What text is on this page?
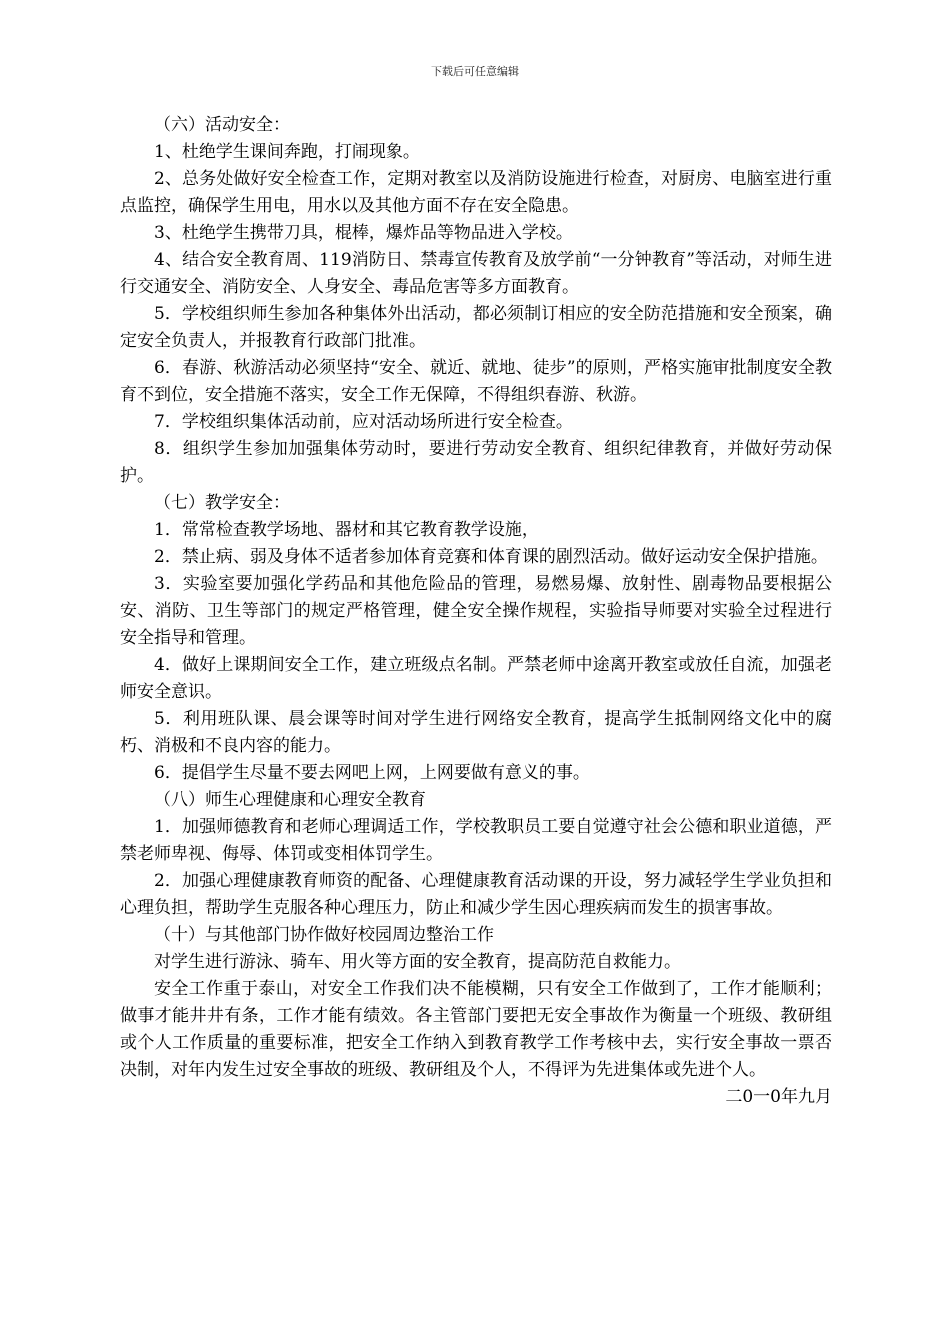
下载后可任意编辑

（六）活动安全：

1、杜绝学生课间奔跑，打闹现象。

2、总务处做好安全检查工作，定期对教室以及消防设施进行检查，对厨房、电脑室进行重点监控，确保学生用电，用水以及其他方面不存在安全隐患。

3、杜绝学生携带刀具，棍棒，爆炸品等物品进入学校。

4、结合安全教育周、119消防日、禁毒宣传教育及放学前“一分钟教育”等活动，对师生进行交通安全、消防安全、人身安全、毒品危害等多方面教育。

5．学校组织师生参加各种集体外出活动，都必须制订相应的安全防范措施和安全预案，确定安全负责人，并报教育行政部门批准。

6．春游、秋游活动必须坚持“安全、就近、就地、徒步”的原则，严格实施审批制度安全教育不到位，安全措施不落实，安全工作无保障，不得组织春游、秋游。

7．学校组织集体活动前，应对活动场所进行安全检查。

8．组织学生参加加强集体劳动时，要进行劳动安全教育、组织纪律教育，并做好劳动保护。

（七）教学安全：

1．常常检查教学场地、器材和其它教育教学设施，

2．禁止病、弱及身体不适者参加体育竞赛和体育课的剧烈活动。做好运动安全保护措施。

3．实验室要加强化学药品和其他危险品的管理，易燃易爆、放射性、剧毒物品要根据公安、消防、卫生等部门的规定严格管理，健全安全操作规程，实验指导师要对实验全过程进行安全指导和管理。

4．做好上课期间安全工作，建立班级点名制。严禁老师中途离开教室或放任自流，加强老师安全意识。

5．利用班队课、晨会课等时间对学生进行网络安全教育，提高学生抵制网络文化中的腐朽、消极和不良内容的能力。

6．提倡学生尽量不要去网吧上网，上网要做有意义的事。

（八）师生心理健康和心理安全教育

1．加强师德教育和老师心理调适工作，学校教职员工要自觉遵守社会公德和职业道德，严禁老师卑视、侮辱、体罚或变相体罚学生。

2．加强心理健康教育师资的配备、心理健康教育活动课的开设，努力减轻学生学业负担和心理负担，帮助学生克服各种心理压力，防止和减少学生因心理疾病而发生的损害事故。

（十）与其他部门协作做好校园周边整治工作

对学生进行游泳、骑车、用火等方面的安全教育，提高防范自救能力。

安全工作重于泰山，对安全工作我们决不能模糊，只有安全工作做到了，工作才能顺利；做事才能井井有条，工作才能有绩效。各主管部门要把无安全事故作为衡量一个班级、教研组或个人工作质量的重要标准，把安全工作纳入到教育教学工作考核中去，实行安全事故一票否决制，对年内发生过安全事故的班级、教研组及个人，不得评为先进集体或先进个人。

二0一0年九月
